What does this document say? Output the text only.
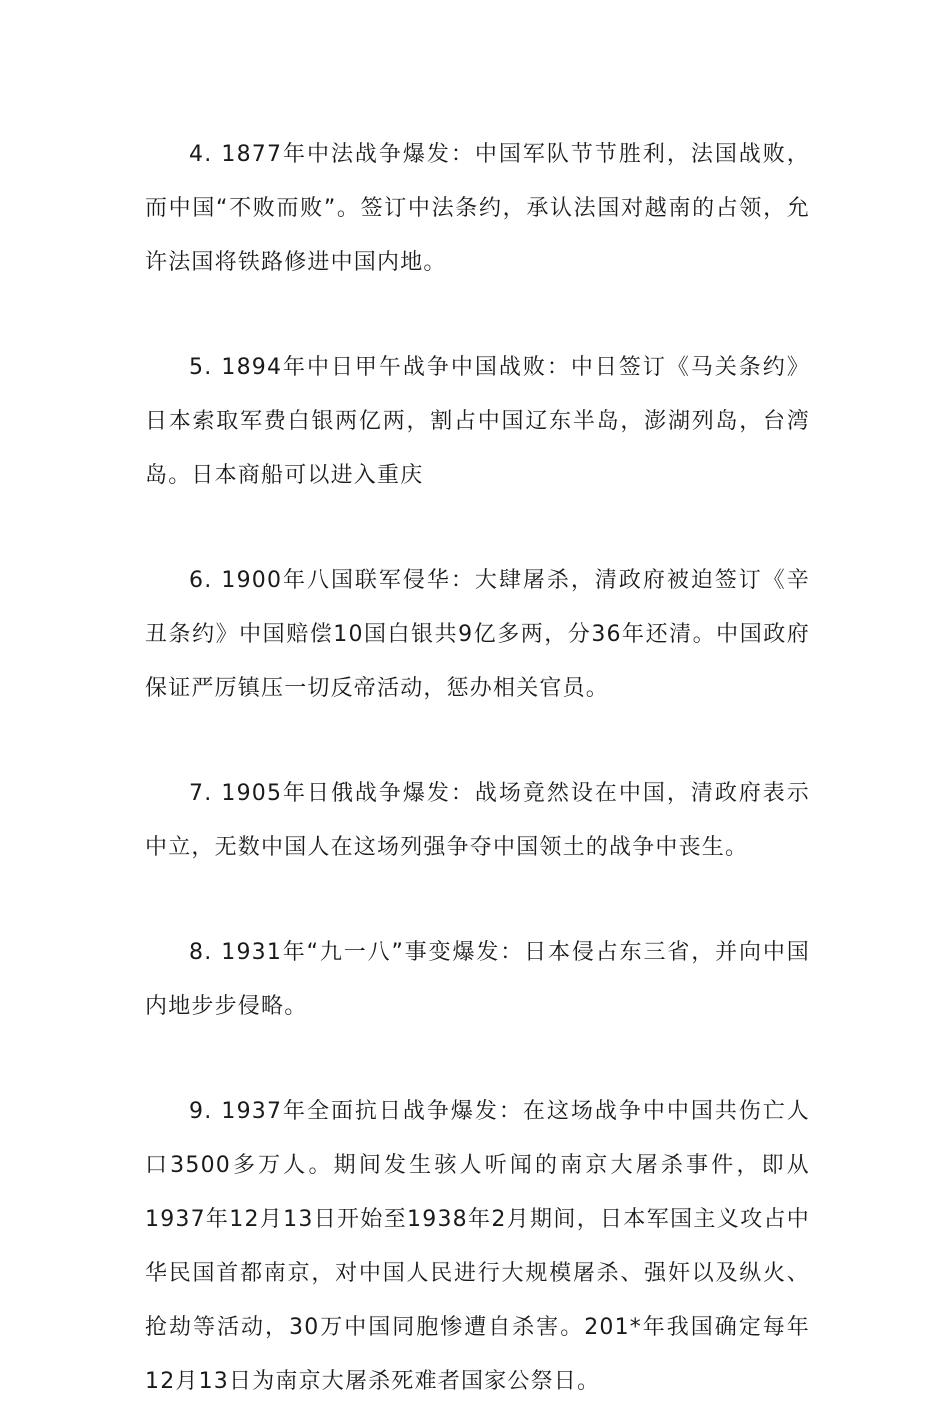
4. 1877年中法战争爆发：中国军队节节胜利，法国战败，而中国“不败而败”。签订中法条约，承认法国对越南的占领，允许法国将铁路修进中国内地。

5. 1894年中日甲午战争中国战败：中日签订《马关条约》日本索取军费白银两亿两，割占中国辽东半岛，澎湖列岛，台湾岛。日本商船可以进入重庆

6. 1900年八国联军侵华：大肆屠杀，清政府被迫签订《辛丑条约》中国赔偿10国白银共9亿多两，分36年还清。中国政府保证严厉镇压一切反帝活动，惩办相关官员。

7. 1905年日俄战争爆发：战场竟然设在中国，清政府表示中立，无数中国人在这场列强争夺中国领土的战争中丧生。

8. 1931年“九一八”事变爆发：日本侵占东三省，并向中国内地步步侵略。

9. 1937年全面抗日战争爆发：在这场战争中中国共伤亡人口3500多万人。期间发生骇人听闻的南京大屠杀事件，即从1937年12月13日开始至1938年2月期间，日本军国主义攻占中华民国首都南京，对中国人民进行大规模屠杀、强奸以及纵火、抢劫等活动，30万中国同胞惨遭自杀害。201*年我国确定每年12月13日为南京大屠杀死难者国家公祭日。
